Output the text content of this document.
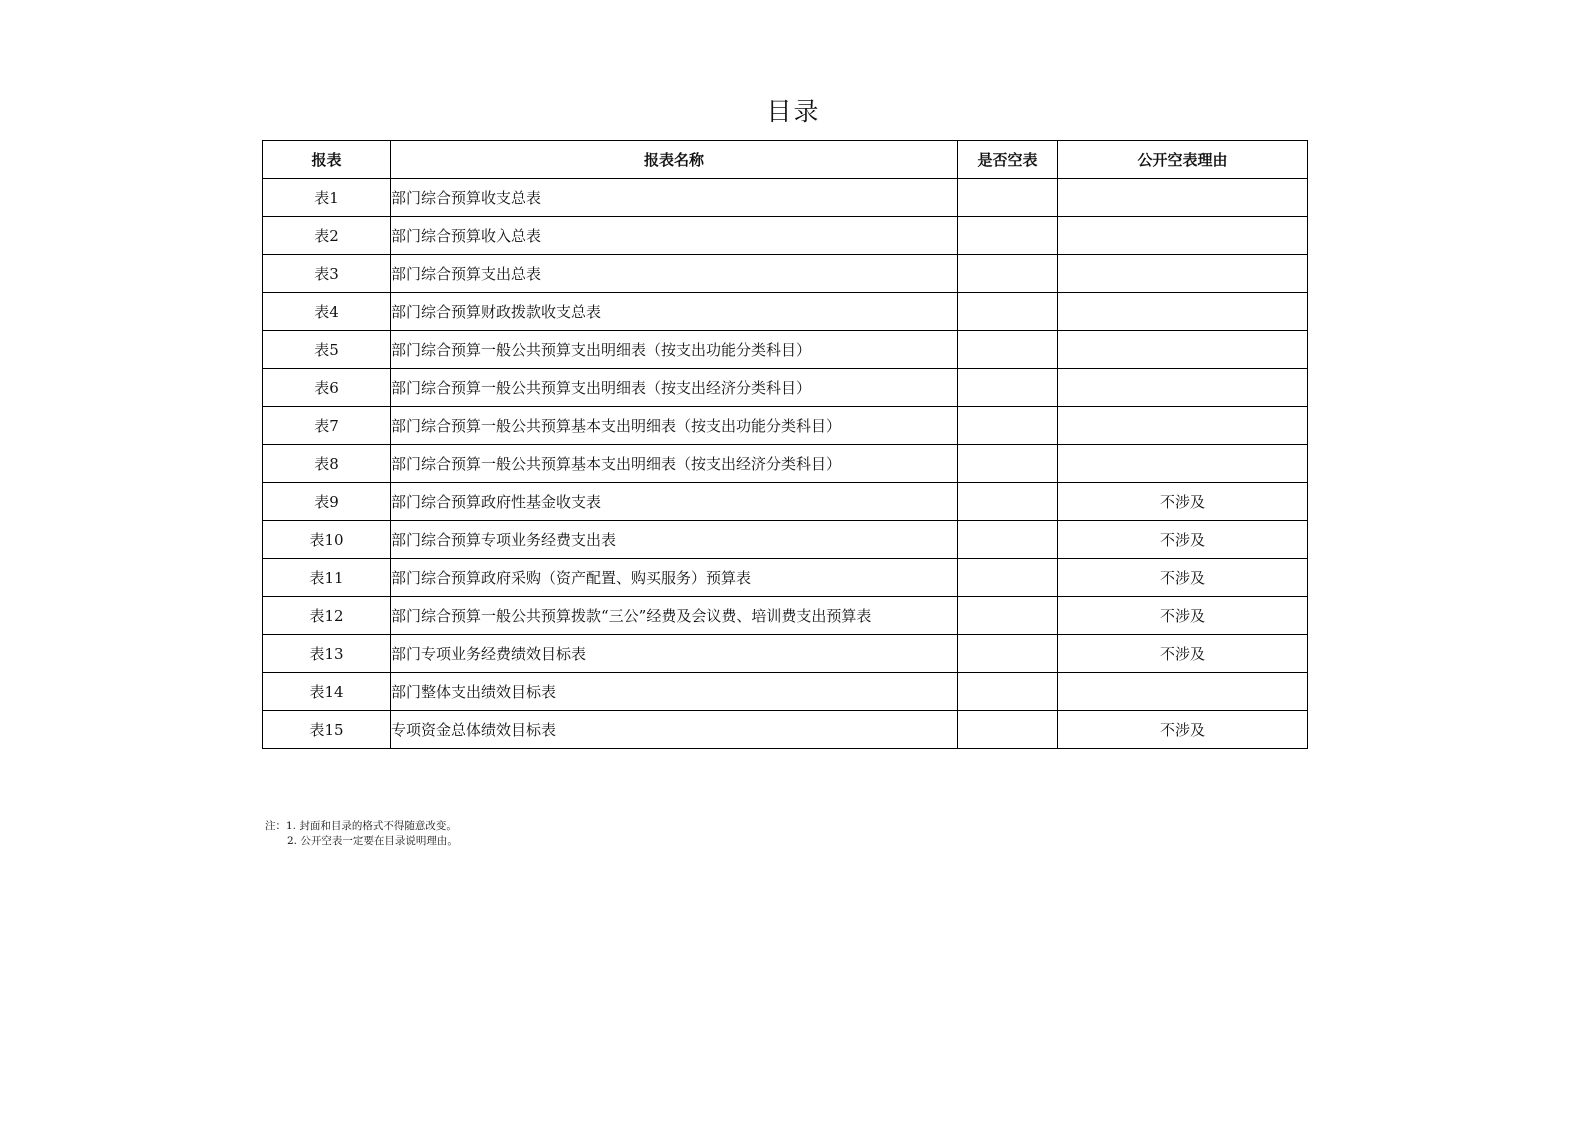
目录
报表	报表名称	是否空表	公开空表理由
表1	部门综合预算收支总表		
表2	部门综合预算收入总表		
表3	部门综合预算支出总表		
表4	部门综合预算财政拨款收支总表		
表5	部门综合预算一般公共预算支出明细表（按支出功能分类科目）		
表6	部门综合预算一般公共预算支出明细表（按支出经济分类科目）		
表7	部门综合预算一般公共预算基本支出明细表（按支出功能分类科目）		
表8	部门综合预算一般公共预算基本支出明细表（按支出经济分类科目）		
表9	部门综合预算政府性基金收支表		不涉及
表10	部门综合预算专项业务经费支出表		不涉及
表11	部门综合预算政府采购（资产配置、购买服务）预算表		不涉及
表12	部门综合预算一般公共预算拨款“三公”经费及会议费、培训费支出预算表		不涉及
表13	部门专项业务经费绩效目标表		不涉及
表14	部门整体支出绩效目标表		
表15	专项资金总体绩效目标表		不涉及
注：1. 封面和目录的格式不得随意改变。
2. 公开空表一定要在目录说明理由。
